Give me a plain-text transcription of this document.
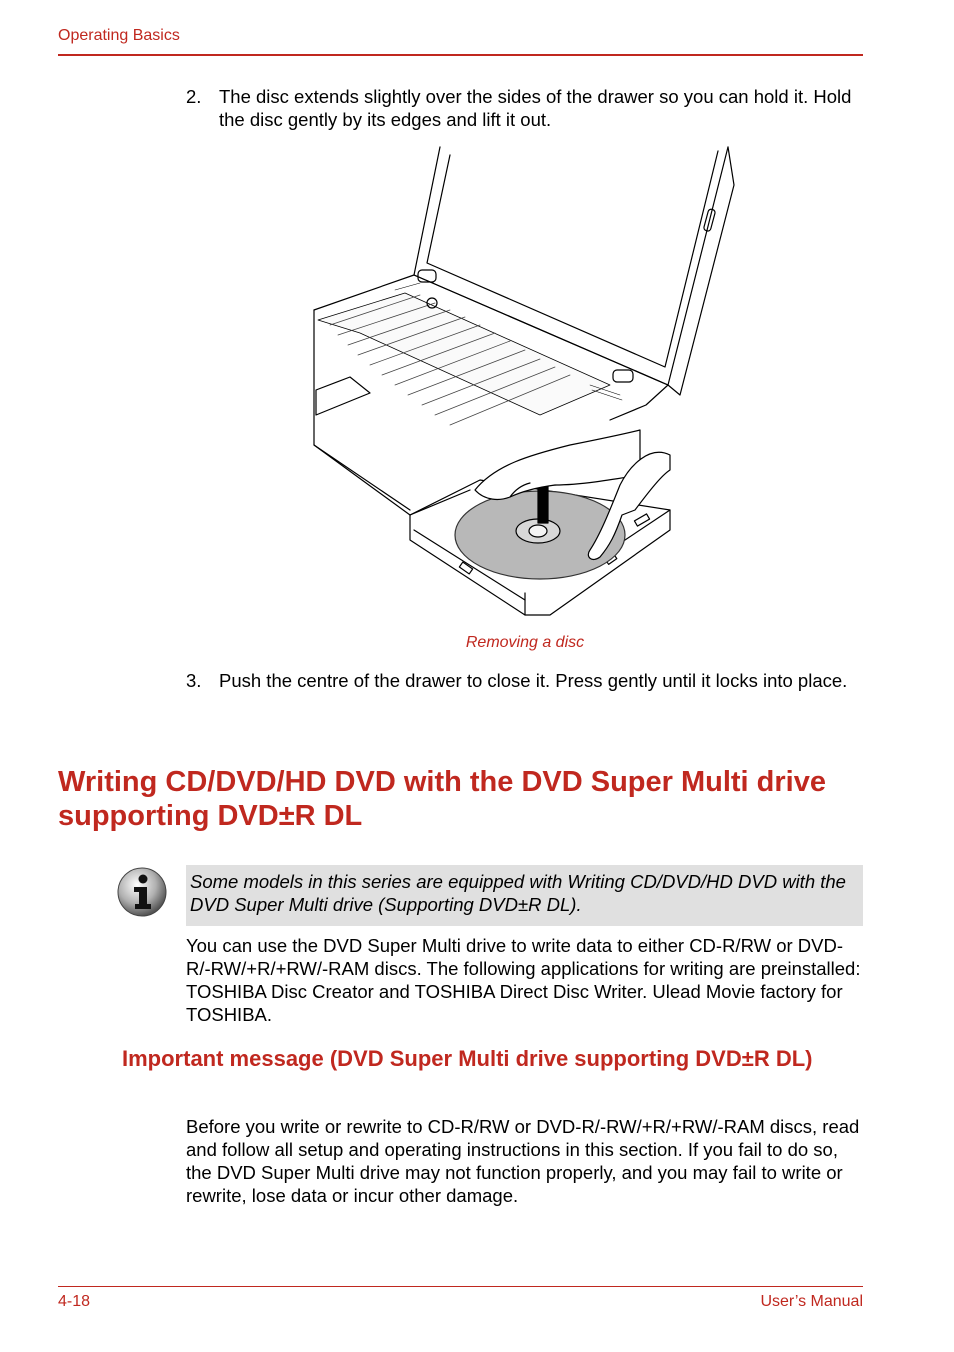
Operating Basics
2. The disc extends slightly over the sides of the drawer so you can hold it. Hold the disc gently by its edges and lift it out.
Removing a disc
3. Push the centre of the drawer to close it. Press gently until it locks into place.
Writing CD/DVD/HD DVD with the DVD Super Multi drive supporting DVD±R DL
Some models in this series are equipped with Writing CD/DVD/HD DVD with the DVD Super Multi drive (Supporting DVD±R DL).
You can use the DVD Super Multi drive to write data to either CD-R/RW or DVD-R/-RW/+R/+RW/-RAM discs. The following applications for writing are preinstalled: TOSHIBA Disc Creator and TOSHIBA Direct Disc Writer. Ulead Movie factory for TOSHIBA.
Important message (DVD Super Multi drive supporting DVD±R DL)
Before you write or rewrite to CD-R/RW or DVD-R/-RW/+R/+RW/-RAM discs, read and follow all setup and operating instructions in this section. If you fail to do so, the DVD Super Multi drive may not function properly, and you may fail to write or rewrite, lose data or incur other damage.
4-18	User’s Manual
